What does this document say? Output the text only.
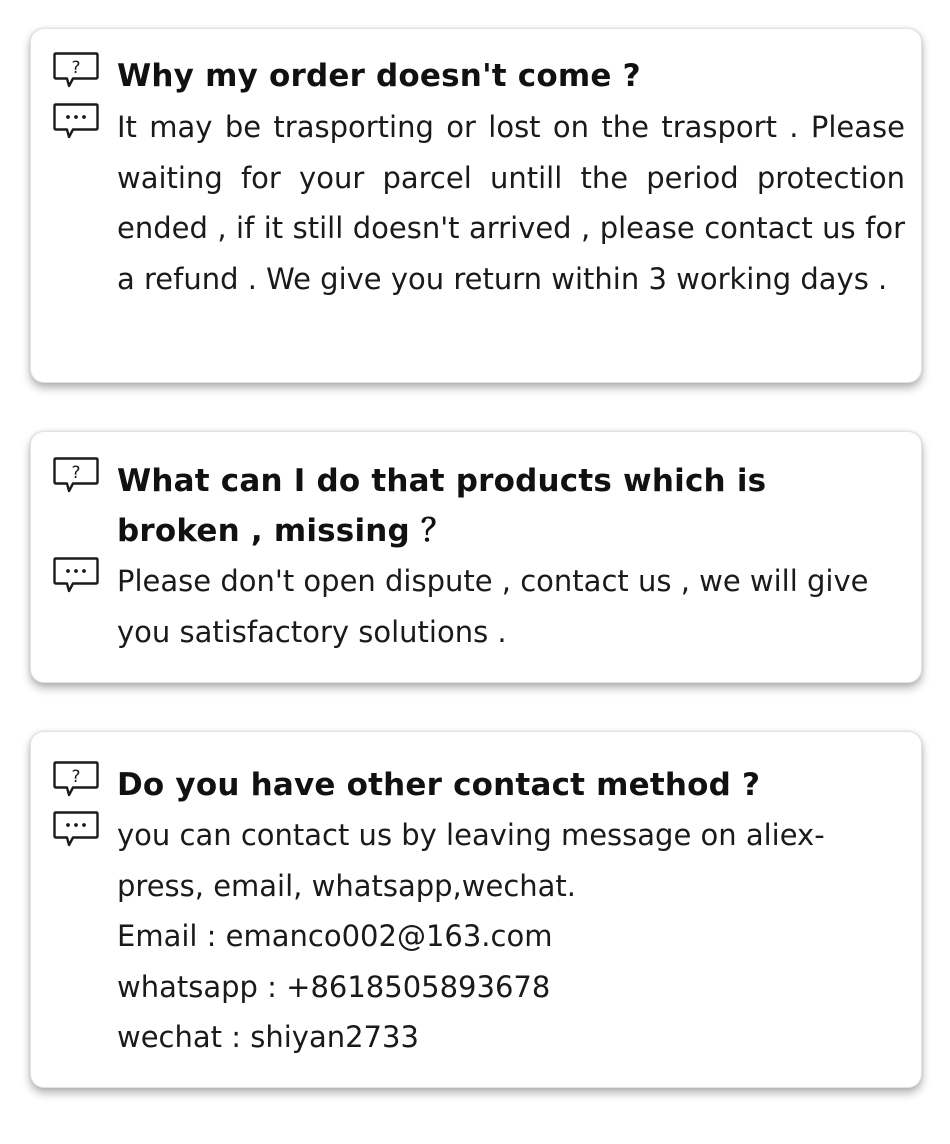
? Why my order doesn't come ?
It may be trasporting or lost on the trasport . Please waiting for your parcel untill the period protection ended , if it still doesn't arrived , please contact us for a refund . We give you return within 3 working days .
? What can I do that products which is broken , missing ？
Please don't open dispute , contact us , we will give you satisfactory solutions .
? Do you have other contact method ?
you can contact us by leaving message on aliex-
press, email, whatsapp,wechat.
Email : emanco002@163.com
whatsapp : +8618505893678
wechat : shiyan2733
